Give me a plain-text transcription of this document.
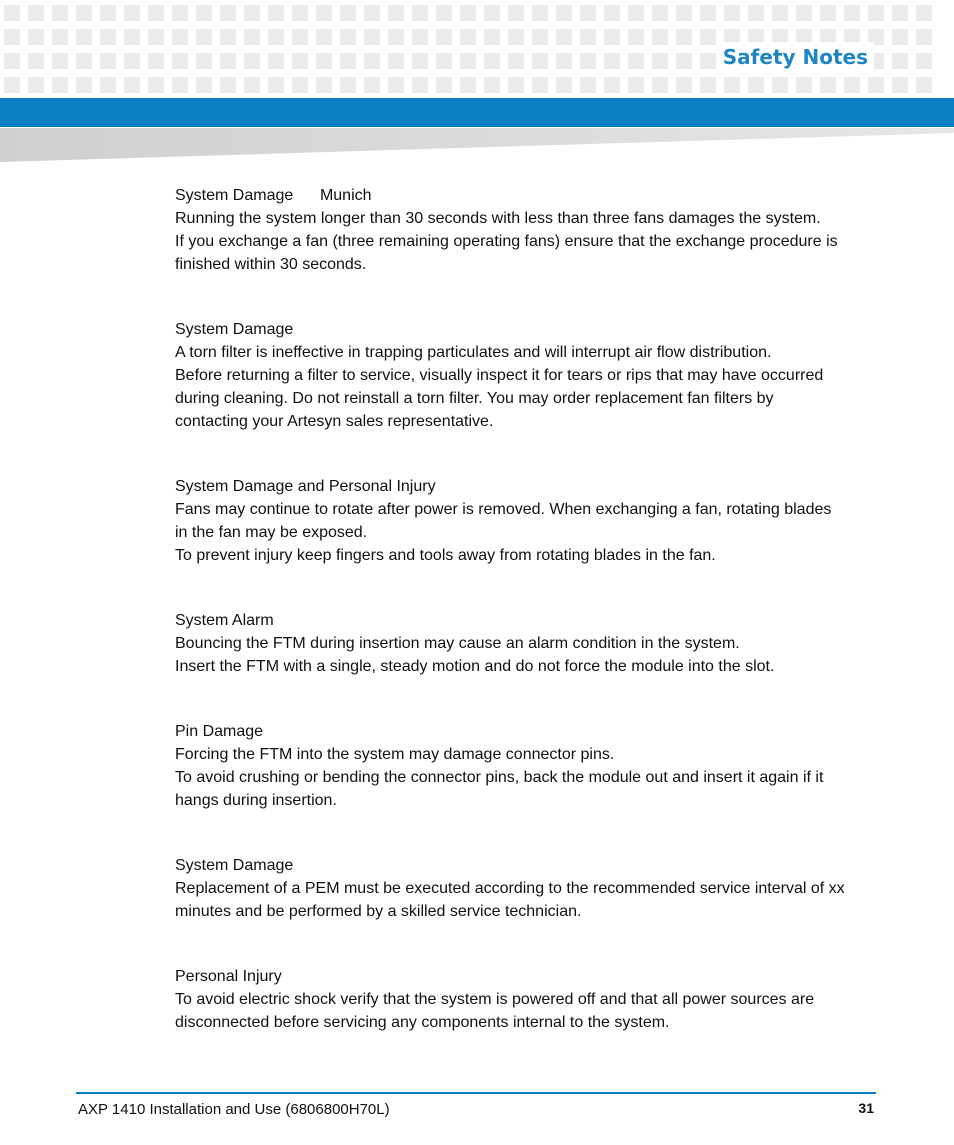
Safety Notes
System Damage      Munich
Running the system longer than 30 seconds with less than three fans damages the system.
If you exchange a fan (three remaining operating fans) ensure that the exchange procedure is
finished within 30 seconds.
System Damage
A torn filter is ineffective in trapping particulates and will interrupt air flow distribution.
Before returning a filter to service, visually inspect it for tears or rips that may have occurred
during cleaning. Do not reinstall a torn filter. You may order replacement fan filters by
contacting your Artesyn sales representative.
System Damage and Personal Injury
Fans may continue to rotate after power is removed. When exchanging a fan, rotating blades
in the fan may be exposed.
To prevent injury keep fingers and tools away from rotating blades in the fan.
System Alarm
Bouncing the FTM during insertion may cause an alarm condition in the system.
Insert the FTM with a single, steady motion and do not force the module into the slot.
Pin Damage
Forcing the FTM into the system may damage connector pins.
To avoid crushing or bending the connector pins, back the module out and insert it again if it
hangs during insertion.
System Damage
Replacement of a PEM must be executed according to the recommended service interval of xx
minutes and be performed by a skilled service technician.
Personal Injury
To avoid electric shock verify that the system is powered off and that all power sources are
disconnected before servicing any components internal to the system.

AXP 1410 Installation and Use (6806800H70L)	31
